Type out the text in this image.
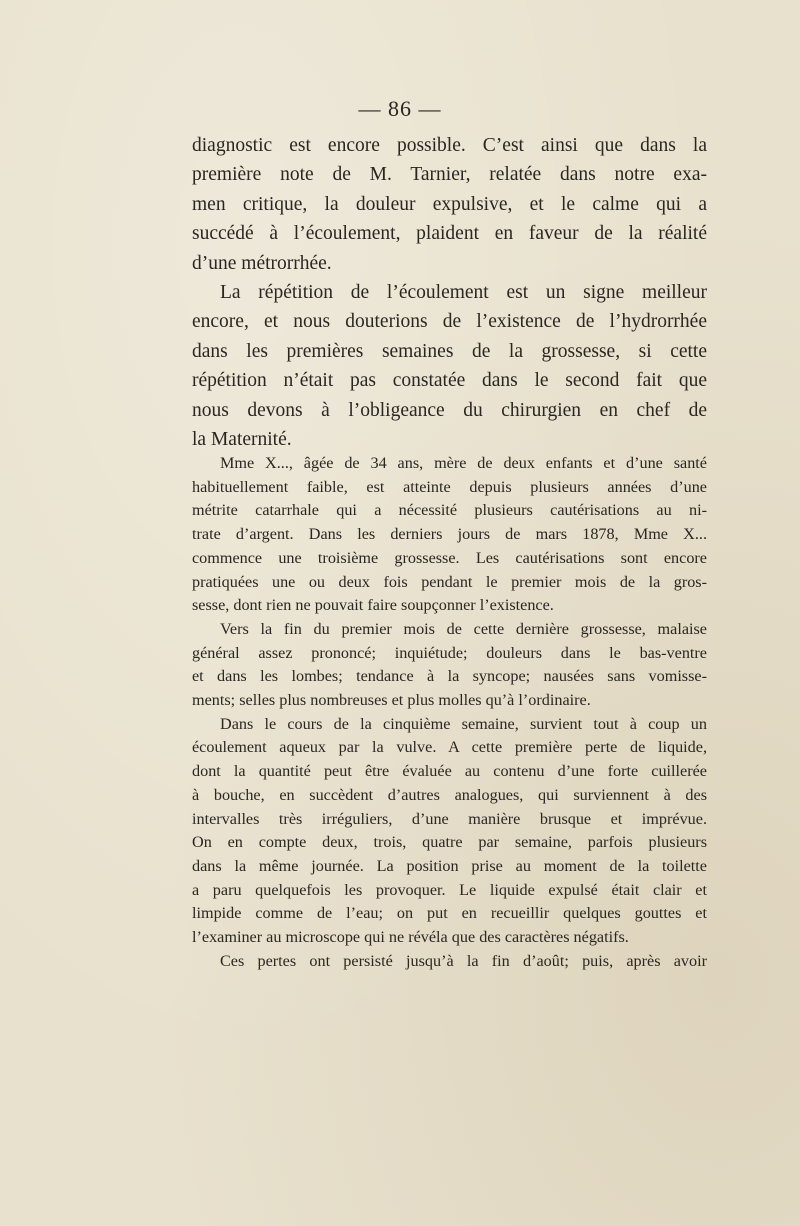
— 86 —

diagnostic est encore possible. C’est ainsi que dans la
première note de M. Tarnier, relatée dans notre exa-
men critique, la douleur expulsive, et le calme qui a
succédé à l’écoulement, plaident en faveur de la réalité
d’une métrorrhée.

La répétition de l’écoulement est un signe meilleur
encore, et nous douterions de l’existence de l’hydrorrhée
dans les premières semaines de la grossesse, si cette
répétition n’était pas constatée dans le second fait que
nous devons à l’obligeance du chirurgien en chef de
la Maternité.

Mme X..., âgée de 34 ans, mère de deux enfants et d’une santé
habituellement faible, est atteinte depuis plusieurs années d’une
métrite catarrhale qui a nécessité plusieurs cautérisations au ni-
trate d’argent. Dans les derniers jours de mars 1878, Mme X...
commence une troisième grossesse. Les cautérisations sont encore
pratiquées une ou deux fois pendant le premier mois de la gros-
sesse, dont rien ne pouvait faire soupçonner l’existence.

Vers la fin du premier mois de cette dernière grossesse, malaise
général assez prononcé; inquiétude; douleurs dans le bas-ventre
et dans les lombes; tendance à la syncope; nausées sans vomisse-
ments; selles plus nombreuses et plus molles qu’à l’ordinaire.

Dans le cours de la cinquième semaine, survient tout à coup un
écoulement aqueux par la vulve. A cette première perte de liquide,
dont la quantité peut être évaluée au contenu d’une forte cuillerée
à bouche, en succèdent d’autres analogues, qui surviennent à des
intervalles très irréguliers, d’une manière brusque et imprévue.
On en compte deux, trois, quatre par semaine, parfois plusieurs
dans la même journée. La position prise au moment de la toilette
a paru quelquefois les provoquer. Le liquide expulsé était clair et
limpide comme de l’eau; on put en recueillir quelques gouttes et
l’examiner au microscope qui ne révéla que des caractères négatifs.

Ces pertes ont persisté jusqu’à la fin d’août; puis, après avoir
